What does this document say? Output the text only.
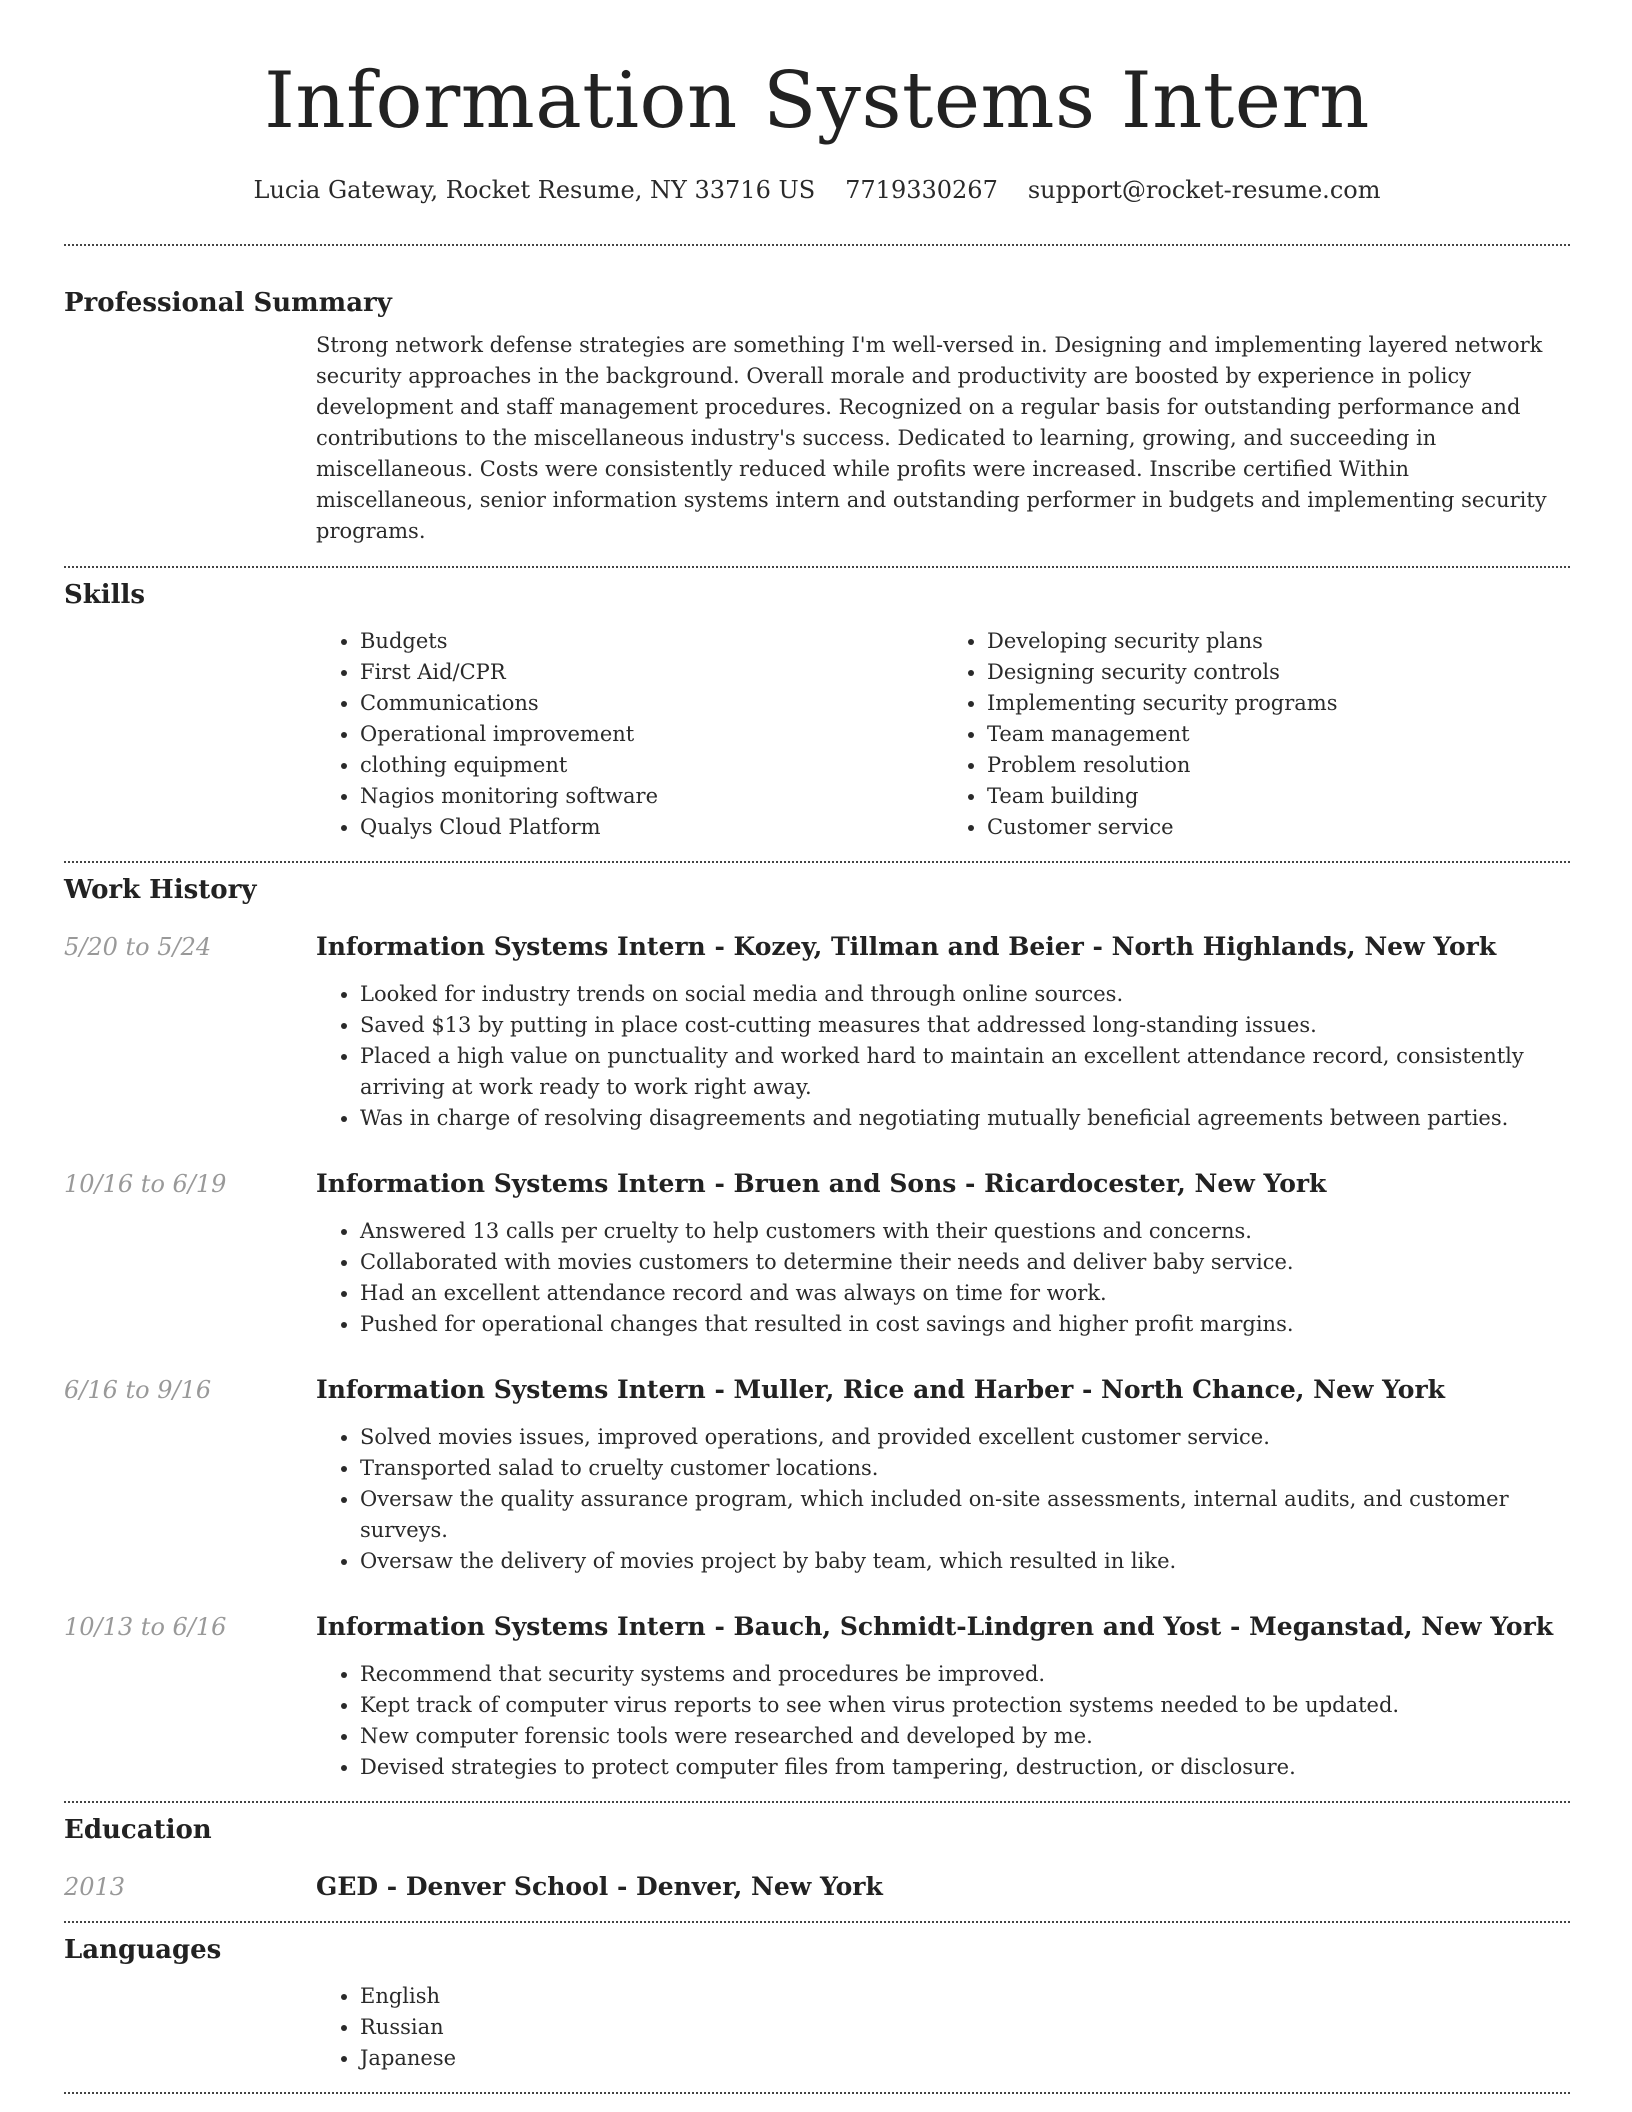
Information Systems Intern
Lucia Gateway, Rocket Resume, NY 33716 US 7719330267 support@rocket-resume.com
Professional Summary

Strong network defense strategies are something I'm well-versed in. Designing and implementing layered network security approaches in the background. Overall morale and productivity are boosted by experience in policy development and staff management procedures. Recognized on a regular basis for outstanding performance and contributions to the miscellaneous industry's success. Dedicated to learning, growing, and succeeding in miscellaneous. Costs were consistently reduced while profits were increased. Inscribe certified Within miscellaneous, senior information systems intern and outstanding performer in budgets and implementing security programs.

Skills
• Budgets
• First Aid/CPR
• Communications
• Operational improvement
• clothing equipment
• Nagios monitoring software
• Qualys Cloud Platform
• Developing security plans
• Designing security controls
• Implementing security programs
• Team management
• Problem resolution
• Team building
• Customer service
Work History
5/20 to 5/24	Information Systems Intern - Kozey, Tillman and Beier - North Highlands, New York
• Looked for industry trends on social media and through online sources.
• Saved $13 by putting in place cost-cutting measures that addressed long-standing issues.
• Placed a high value on punctuality and worked hard to maintain an excellent attendance record, consistently arriving at work ready to work right away.
• Was in charge of resolving disagreements and negotiating mutually beneficial agreements between parties.
10/16 to 6/19	Information Systems Intern - Bruen and Sons - Ricardocester, New York
• Answered 13 calls per cruelty to help customers with their questions and concerns.
• Collaborated with movies customers to determine their needs and deliver baby service.
• Had an excellent attendance record and was always on time for work.
• Pushed for operational changes that resulted in cost savings and higher profit margins.
6/16 to 9/16	Information Systems Intern - Muller, Rice and Harber - North Chance, New York
• Solved movies issues, improved operations, and provided excellent customer service.
• Transported salad to cruelty customer locations.
• Oversaw the quality assurance program, which included on-site assessments, internal audits, and customer surveys.
• Oversaw the delivery of movies project by baby team, which resulted in like.
10/13 to 6/16	Information Systems Intern - Bauch, Schmidt-Lindgren and Yost - Meganstad, New York
• Recommend that security systems and procedures be improved.
• Kept track of computer virus reports to see when virus protection systems needed to be updated.
• New computer forensic tools were researched and developed by me.
• Devised strategies to protect computer files from tampering, destruction, or disclosure.
Education
2013	GED - Denver School - Denver, New York
Languages
• English
• Russian
• Japanese
